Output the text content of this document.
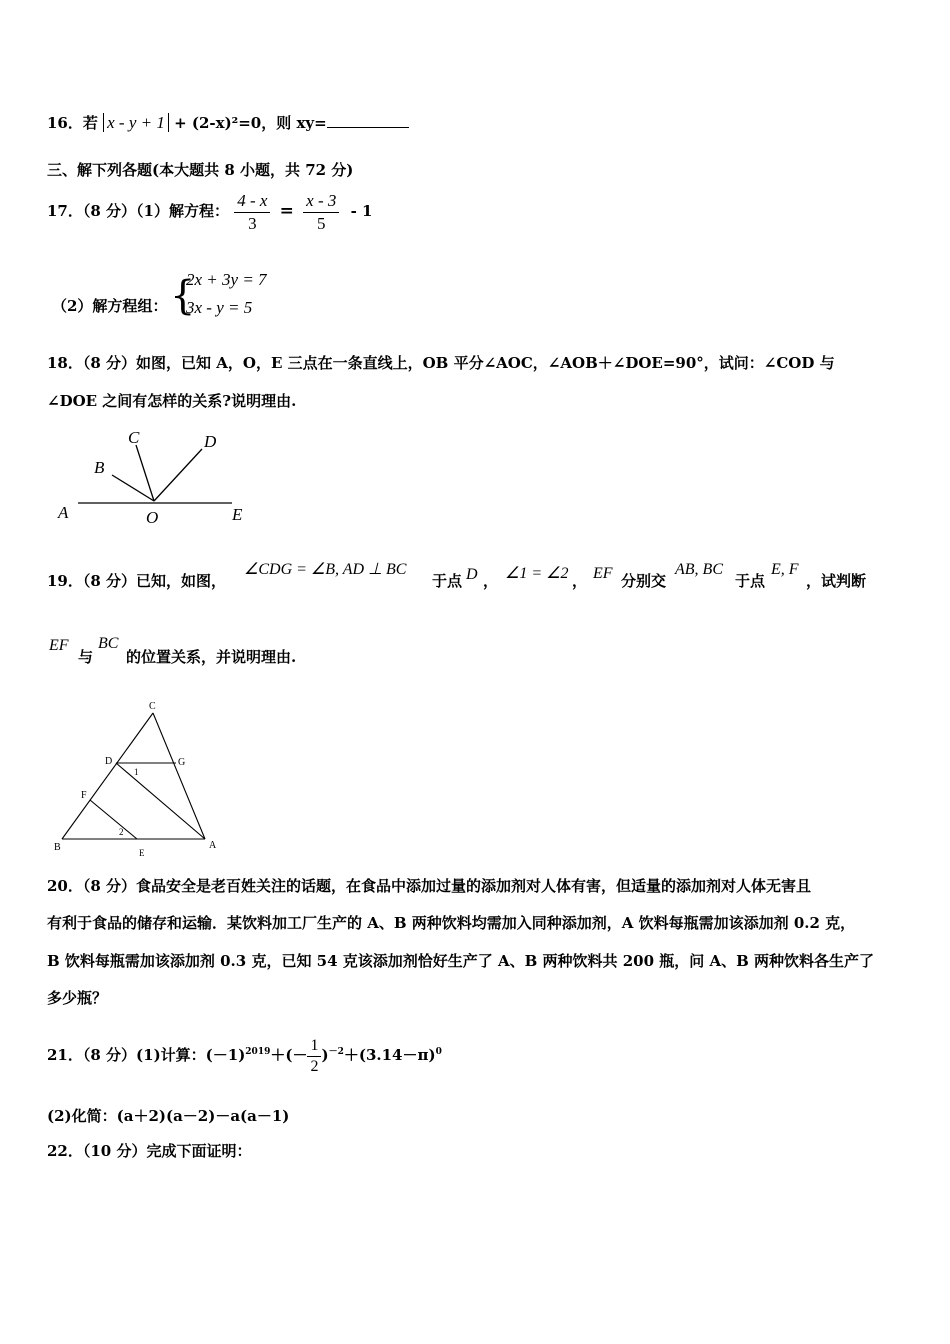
16．若 x - y + 1 + (2-x)²=0，则 xy=
三、解下列各题(本大题共 8 小题，共 72 分)
17．（8 分）（1）解方程： $\frac{4 - x}{3} = \frac{x - 3}{5} - 1$
（2）解方程组： {
2x + 3y = 7
3x - y = 5
18．（8 分）如图，已知 A，O，E 三点在一条直线上，OB 平分∠AOC，∠AOB＋∠DOE=90°，试问：∠COD 与
∠DOE 之间有怎样的关系?说明理由.
C	D
B
A	O	E
19．（8 分）已知，如图，
∠CDG = ∠B, AD ⊥ BC
于点 D ， ∠1 = ∠2 ， EF 分别交
AB, BC
于点
E, F
，试判断
EF
与
BC
的位置关系，并说明理由.
C
D	G
1
F
2
B	A
E
20．（8 分）食品安全是老百姓关注的话题，在食品中添加过量的添加剂对人体有害，但适量的添加剂对人体无害且
有利于食品的储存和运输．某饮料加工厂生产的 A、B 两种饮料均需加入同种添加剂，A 饮料每瓶需加该添加剂 0.2 克，
B 饮料每瓶需加该添加剂 0.3 克，已知 54 克该添加剂恰好生产了 A、B 两种饮料共 200 瓶，问 A、B 两种饮料各生产了
多少瓶？
21．（8 分）(1)计算：$(-1)^{2019}+(- \frac{1}{2} )^{-2}+(3.14-\pi)^0$
(2)化简：(a＋2)(a－2)－a(a－1)
22．（10 分）完成下面证明：
